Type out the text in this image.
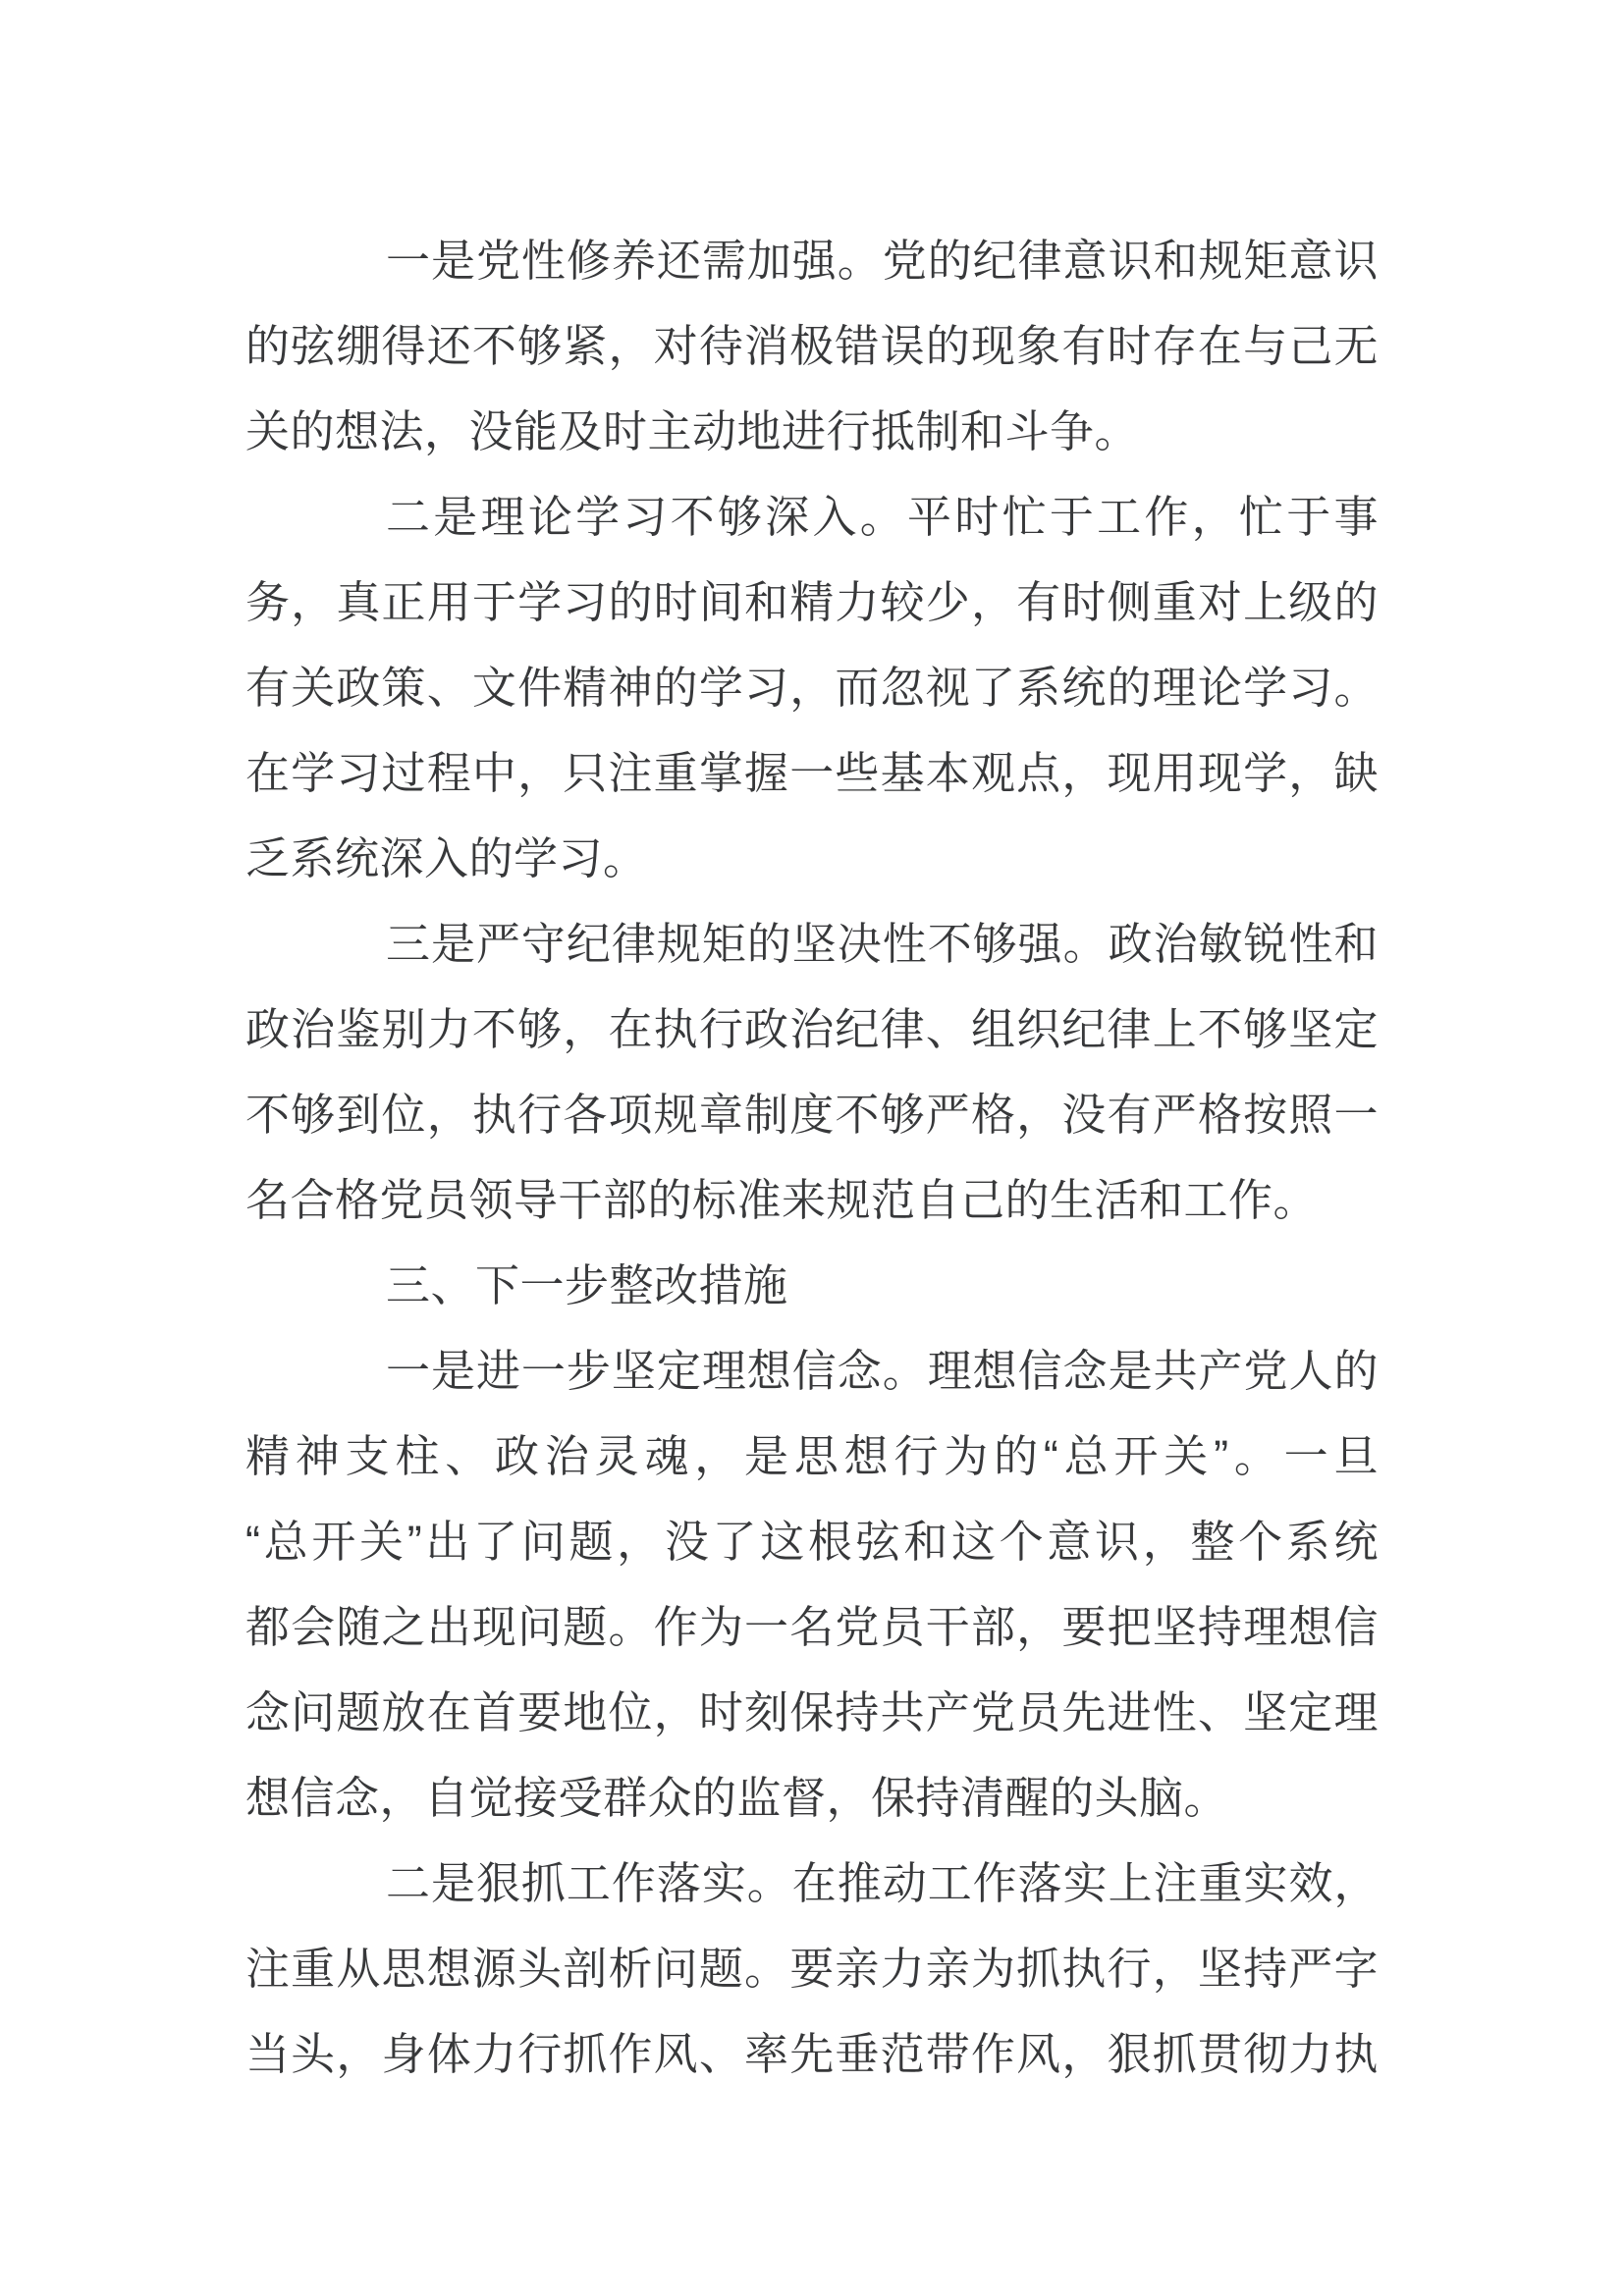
一是党性修养还需加强。党的纪律意识和规矩意识
的弦绷得还不够紧，对待消极错误的现象有时存在与己无
关的想法，没能及时主动地进行抵制和斗争。
二是理论学习不够深入。平时忙于工作，忙于事
务，真正用于学习的时间和精力较少，有时侧重对上级的
有关政策、文件精神的学习，而忽视了系统的理论学习。
在学习过程中，只注重掌握一些基本观点，现用现学，缺
乏系统深入的学习。
三是严守纪律规矩的坚决性不够强。政治敏锐性和
政治鉴别力不够，在执行政治纪律、组织纪律上不够坚定
不够到位，执行各项规章制度不够严格，没有严格按照一
名合格党员领导干部的标准来规范自己的生活和工作。
三、下一步整改措施
一是进一步坚定理想信念。理想信念是共产党人的
精神支柱、政治灵魂，是思想行为的“总开关”。一旦
“总开关”出了问题，没了这根弦和这个意识，整个系统
都会随之出现问题。作为一名党员干部，要把坚持理想信
念问题放在首要地位，时刻保持共产党员先进性、坚定理
想信念，自觉接受群众的监督，保持清醒的头脑。
二是狠抓工作落实。在推动工作落实上注重实效，
注重从思想源头剖析问题。要亲力亲为抓执行，坚持严字
当头，身体力行抓作风、率先垂范带作风，狠抓贯彻力执
